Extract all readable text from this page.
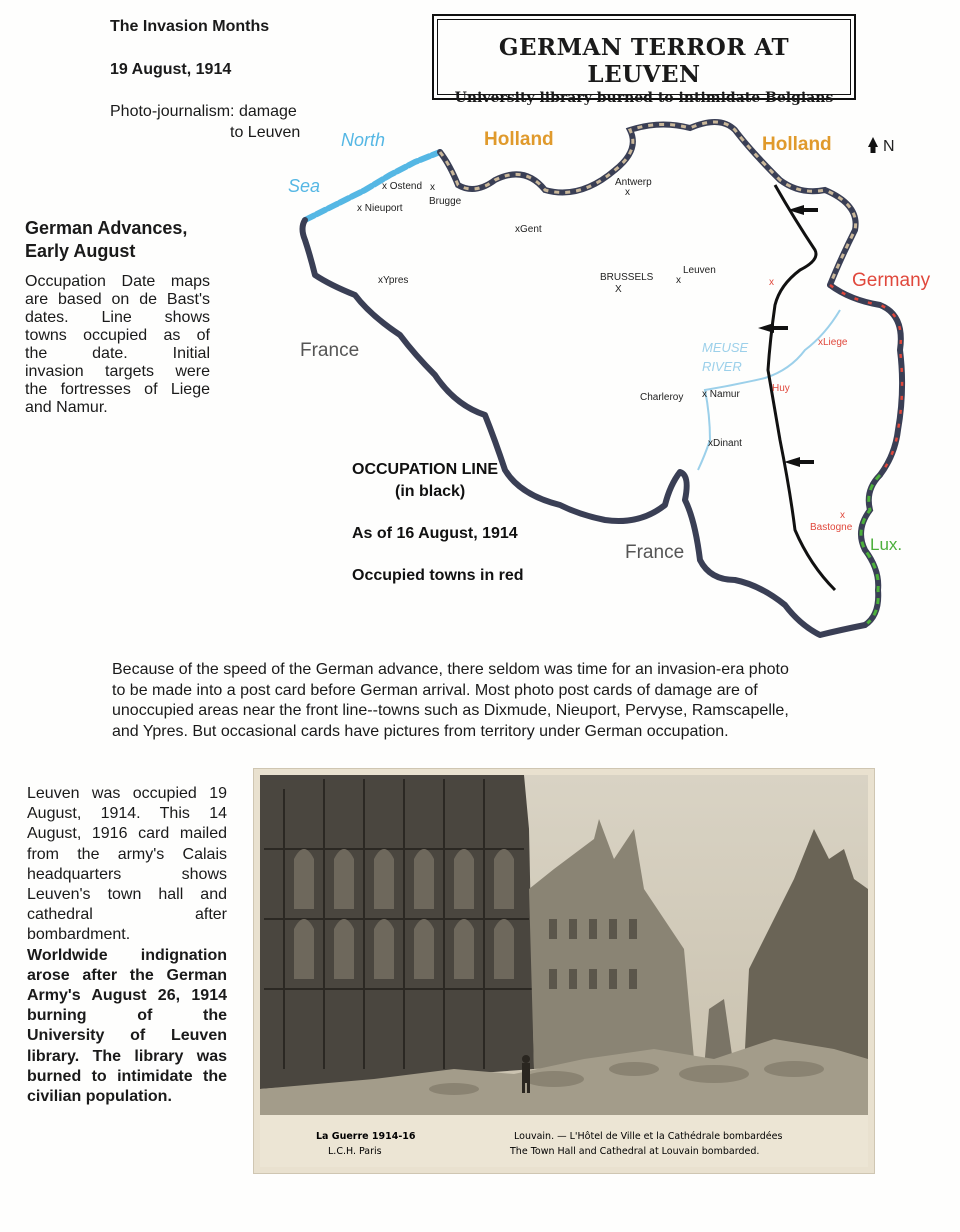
The Invasion Months
19 August, 1914
Photo-journalism: damage
to Leuven
GERMAN TERROR AT LEUVEN
University library burned to intimidate Belgians
German Advances,
Early August
Occupation Date maps
are based on de Bast's
dates. Line shows
towns occupied as of
the date. Initial
invasion targets were
the fortresses of Liege
and Namur.
N
North
Sea
Holland	Holland
Germany
France
France	Lux.
MEUSE
RIVER
x Ostend
x Nieuport
x
Brugge
Antwerp
x
xGent
xYpres	BRUSSELS
X
Leuven
x
xLiege
x
Huy
x Namur
Charleroy
xDinant
x
Bastogne
OCCUPATION LINE
(in black)
As of 16 August, 1914
Occupied towns in red
Because of the speed of the German advance, there seldom was time for an invasion-era photo
to be made into a post card before German arrival. Most photo post cards of damage are of
unoccupied areas near the front line--towns such as Dixmude, Nieuport, Pervyse, Ramscapelle,
and Ypres. But occasional cards have pictures from territory under German occupation.
Leuven was occupied 19
August, 1914. This 14
August, 1916 card mailed
from the army's Calais
headquarters shows
Leuven's town hall and
cathedral after
bombardment.
Worldwide indignation
arose after the German
Army's August 26, 1914
burning of the
University of Leuven
library. The library was
burned to intimidate the
civilian population.
La Guerre 1914-16
L.C.H. Paris
Louvain. — L'Hôtel de Ville et la Cathédrale bombardées
The Town Hall and Cathedral at Louvain bombarded.
